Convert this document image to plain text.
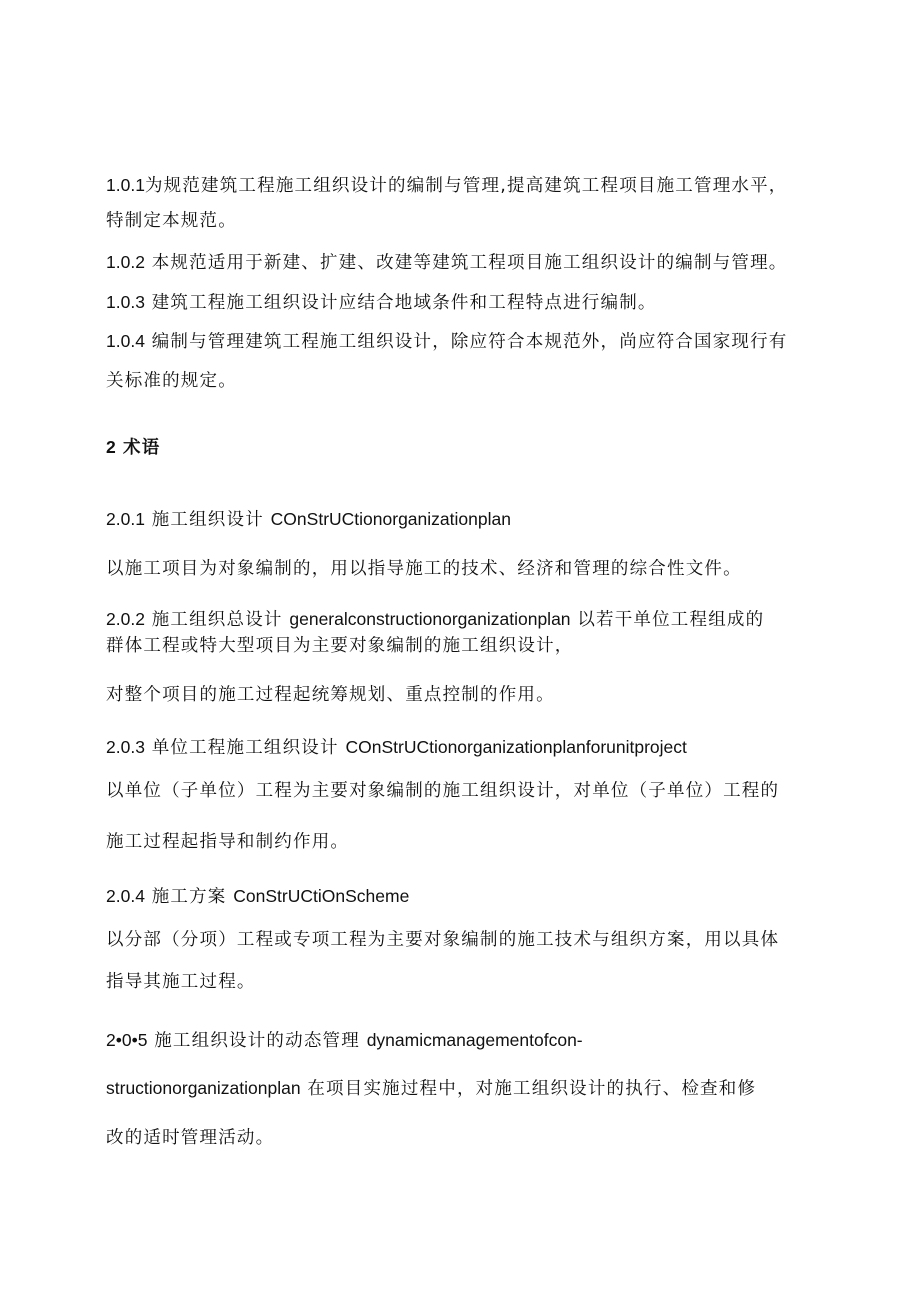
1.0.1为规范建筑工程施工组织设计的编制与管理,提高建筑工程项目施工管理水平，
特制定本规范。
1.0.2 本规范适用于新建、扩建、改建等建筑工程项目施工组织设计的编制与管理。
1.0.3 建筑工程施工组织设计应结合地域条件和工程特点进行编制。
1.0.4 编制与管理建筑工程施工组织设计，除应符合本规范外，尚应符合国家现行有
关标准的规定。
2 术语
2.0.1 施工组织设计 COnStrUCtionorganizationplan
以施工项目为对象编制的，用以指导施工的技术、经济和管理的综合性文件。
2.0.2 施工组织总设计 generalconstructionorganizationplan 以若干单位工程组成的
群体工程或特大型项目为主要对象编制的施工组织设计，
对整个项目的施工过程起统筹规划、重点控制的作用。
2.0.3 单位工程施工组织设计 COnStrUCtionorganizationplanforunitproject
以单位（子单位）工程为主要对象编制的施工组织设计，对单位（子单位）工程的
施工过程起指导和制约作用。
2.0.4 施工方案 ConStrUCtiOnScheme
以分部（分项）工程或专项工程为主要对象编制的施工技术与组织方案，用以具体
指导其施工过程。
2•0•5 施工组织设计的动态管理 dynamicmanagementofcon-
structionorganizationplan 在项目实施过程中，对施工组织设计的执行、检查和修
改的适时管理活动。
